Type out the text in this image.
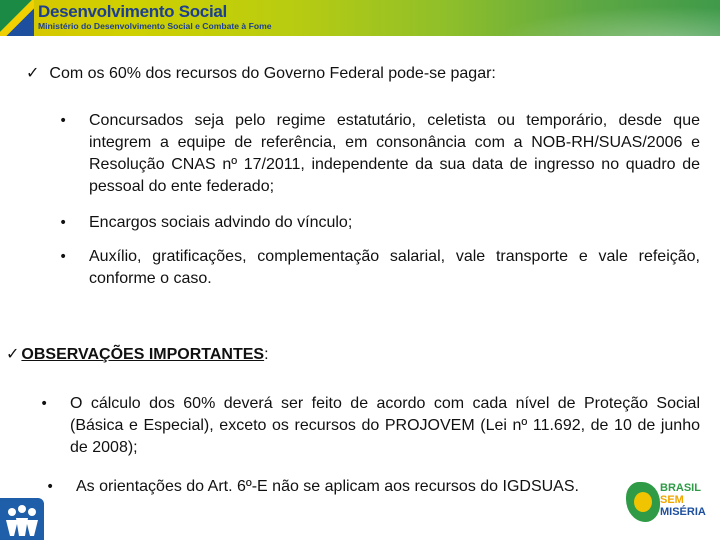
Desenvolvimento Social
Ministério do Desenvolvimento Social e Combate à Fome
✓ Com os 60% dos recursos do Governo Federal pode-se pagar:
• Concursados seja pelo regime estatutário, celetista ou temporário, desde que integrem a equipe de referência, em consonância com a NOB-RH/SUAS/2006 e Resolução CNAS nº 17/2011, independente da sua data de ingresso no quadro de pessoal do ente federado;
• Encargos sociais advindo do vínculo;
• Auxílio, gratificações, complementação salarial, vale transporte e vale refeição, conforme o caso.
✓ OBSERVAÇÕES IMPORTANTES:
• O cálculo dos 60% deverá ser feito de acordo com cada nível de Proteção Social (Básica e Especial), exceto os recursos do PROJOVEM (Lei nº 11.692, de 10 de junho de 2008);
• As orientações do Art. 6º-E não se aplicam aos recursos do IGDSUAS.	BRASIL
SEM
MISÉRIA
